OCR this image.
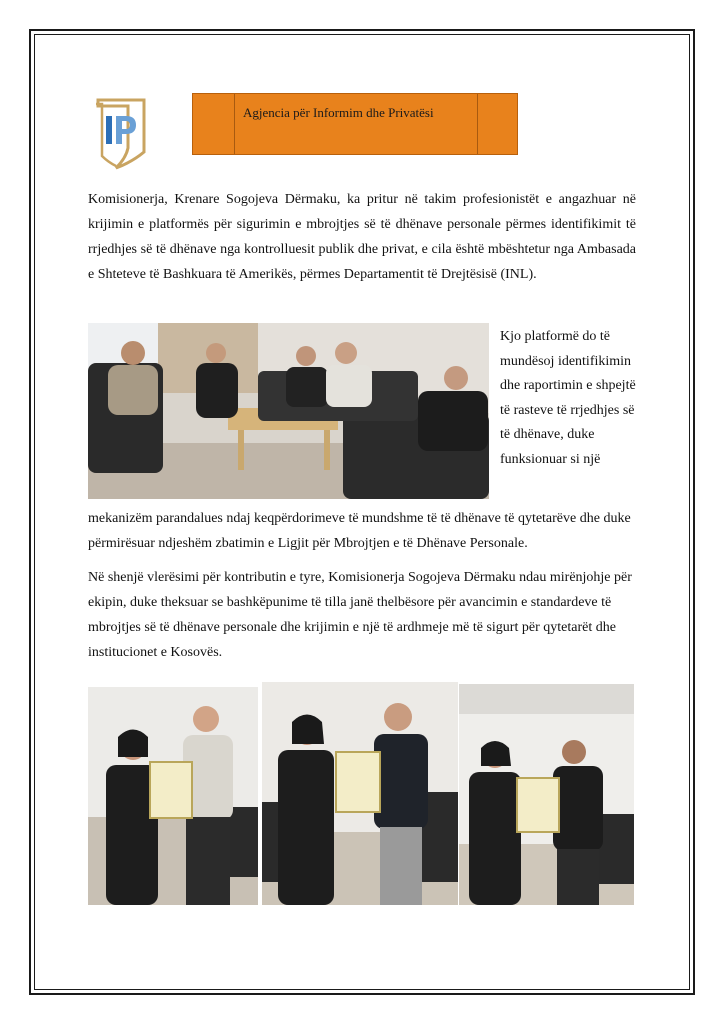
Agjencia për Informim dhe Privatësi

Komisionerja, Krenare Sogojeva Dërmaku, ka pritur në takim profesionistët e angazhuar në krijimin e platformës për sigurimin e mbrojtjes së të dhënave personale përmes identifikimit të rrjedhjes së të dhënave nga kontrolluesit publik dhe privat, e cila është mbështetur nga Ambasada e Shteteve të Bashkuara të Amerikës, përmes Departamentit të Drejtësisë (INL).

Kjo platformë do të mundësoj identifikimin dhe raportimin e shpejtë të rasteve të rrjedhjes së të dhënave, duke funksionuar si një

mekanizëm parandalues ndaj keqpërdorimeve të mundshme të të dhënave të qytetarëve dhe duke përmirësuar ndjeshëm zbatimin e Ligjit për Mbrojtjen e të Dhënave Personale.

Në shenjë vlerësimi për kontributin e tyre, Komisionerja Sogojeva Dërmaku ndau mirënjohje për ekipin, duke theksuar se bashkëpunime të tilla janë thelbësore për avancimin e standardeve të mbrojtjes së të dhënave personale dhe krijimin e një të ardhmeje më të sigurt për qytetarët dhe institucionet e Kosovës.
